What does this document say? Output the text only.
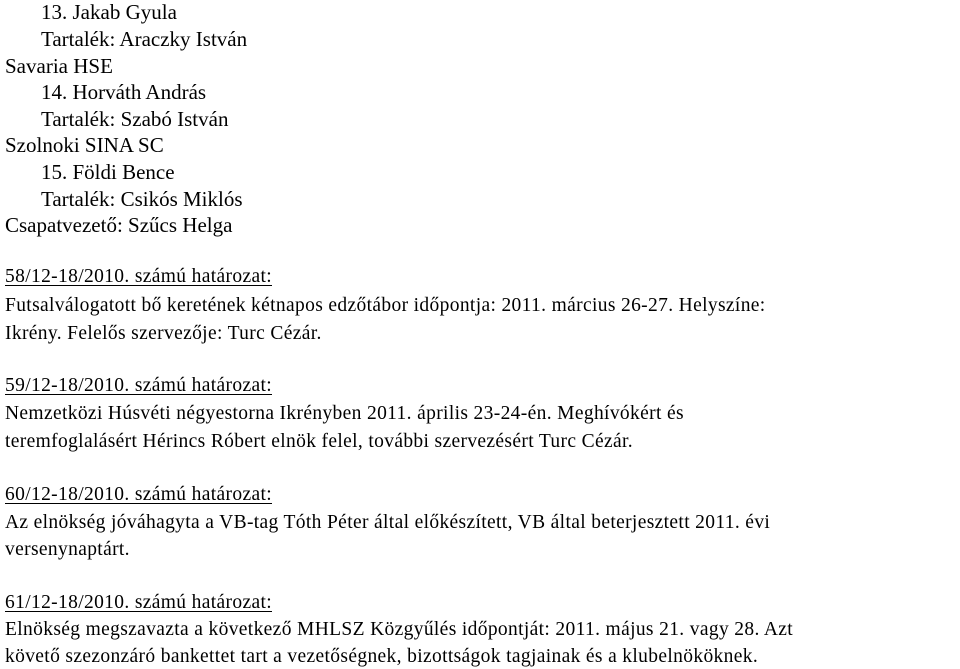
13. Jakab Gyula
Tartalék: Araczky István
Savaria HSE
14. Horváth András
Tartalék: Szabó István
Szolnoki SINA SC
15. Földi Bence
Tartalék: Csikós Miklós
Csapatvezető: Szűcs Helga
58/12-18/2010. számú határozat:
Futsalválogatott bő keretének kétnapos edzőtábor időpontja: 2011. március 26-27. Helyszíne:
Ikrény. Felelős szervezője: Turc Cézár.
59/12-18/2010. számú határozat:
Nemzetközi Húsvéti négyestorna Ikrényben 2011. április 23-24-én. Meghívókért és
teremfoglalásért Hérincs Róbert elnök felel, további szervezésért Turc Cézár.
60/12-18/2010. számú határozat:
Az elnökség jóváhagyta a VB-tag Tóth Péter által előkészített, VB által beterjesztett 2011. évi
versenynaptárt.
61/12-18/2010. számú határozat:
Elnökség megszavazta a következő MHLSZ Közgyűlés időpontját: 2011. május 21. vagy 28. Azt
követő szezonzáró bankettet tart a vezetőségnek, bizottságok tagjainak és a klubelnököknek.
